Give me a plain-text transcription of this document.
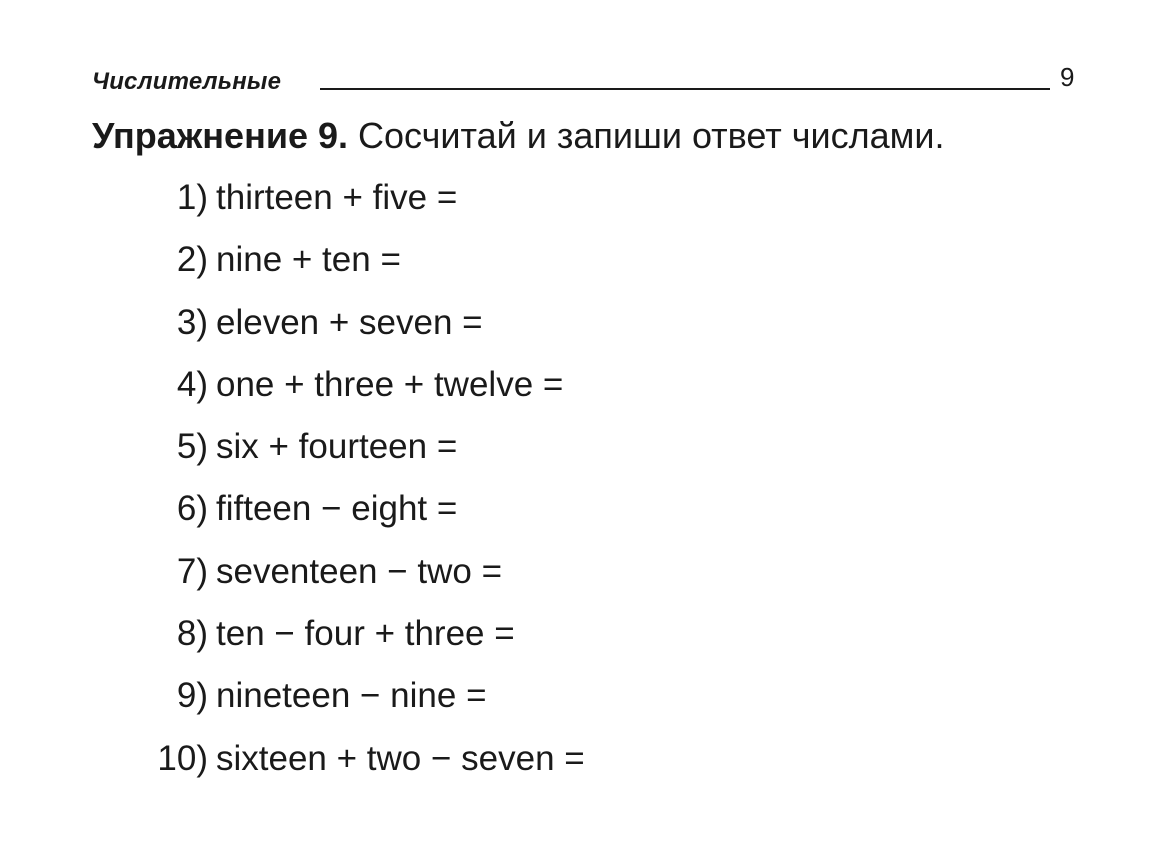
Числительные	9
Упражнение 9. Сосчитай и запиши ответ числами.
1) thirteen + five =
2) nine + ten =
3) eleven + seven =
4) one + three + twelve =
5) six + fourteen =
6) fifteen − eight =
7) seventeen − two =
8) ten − four + three =
9) nineteen − nine =
10) sixteen + two − seven =
